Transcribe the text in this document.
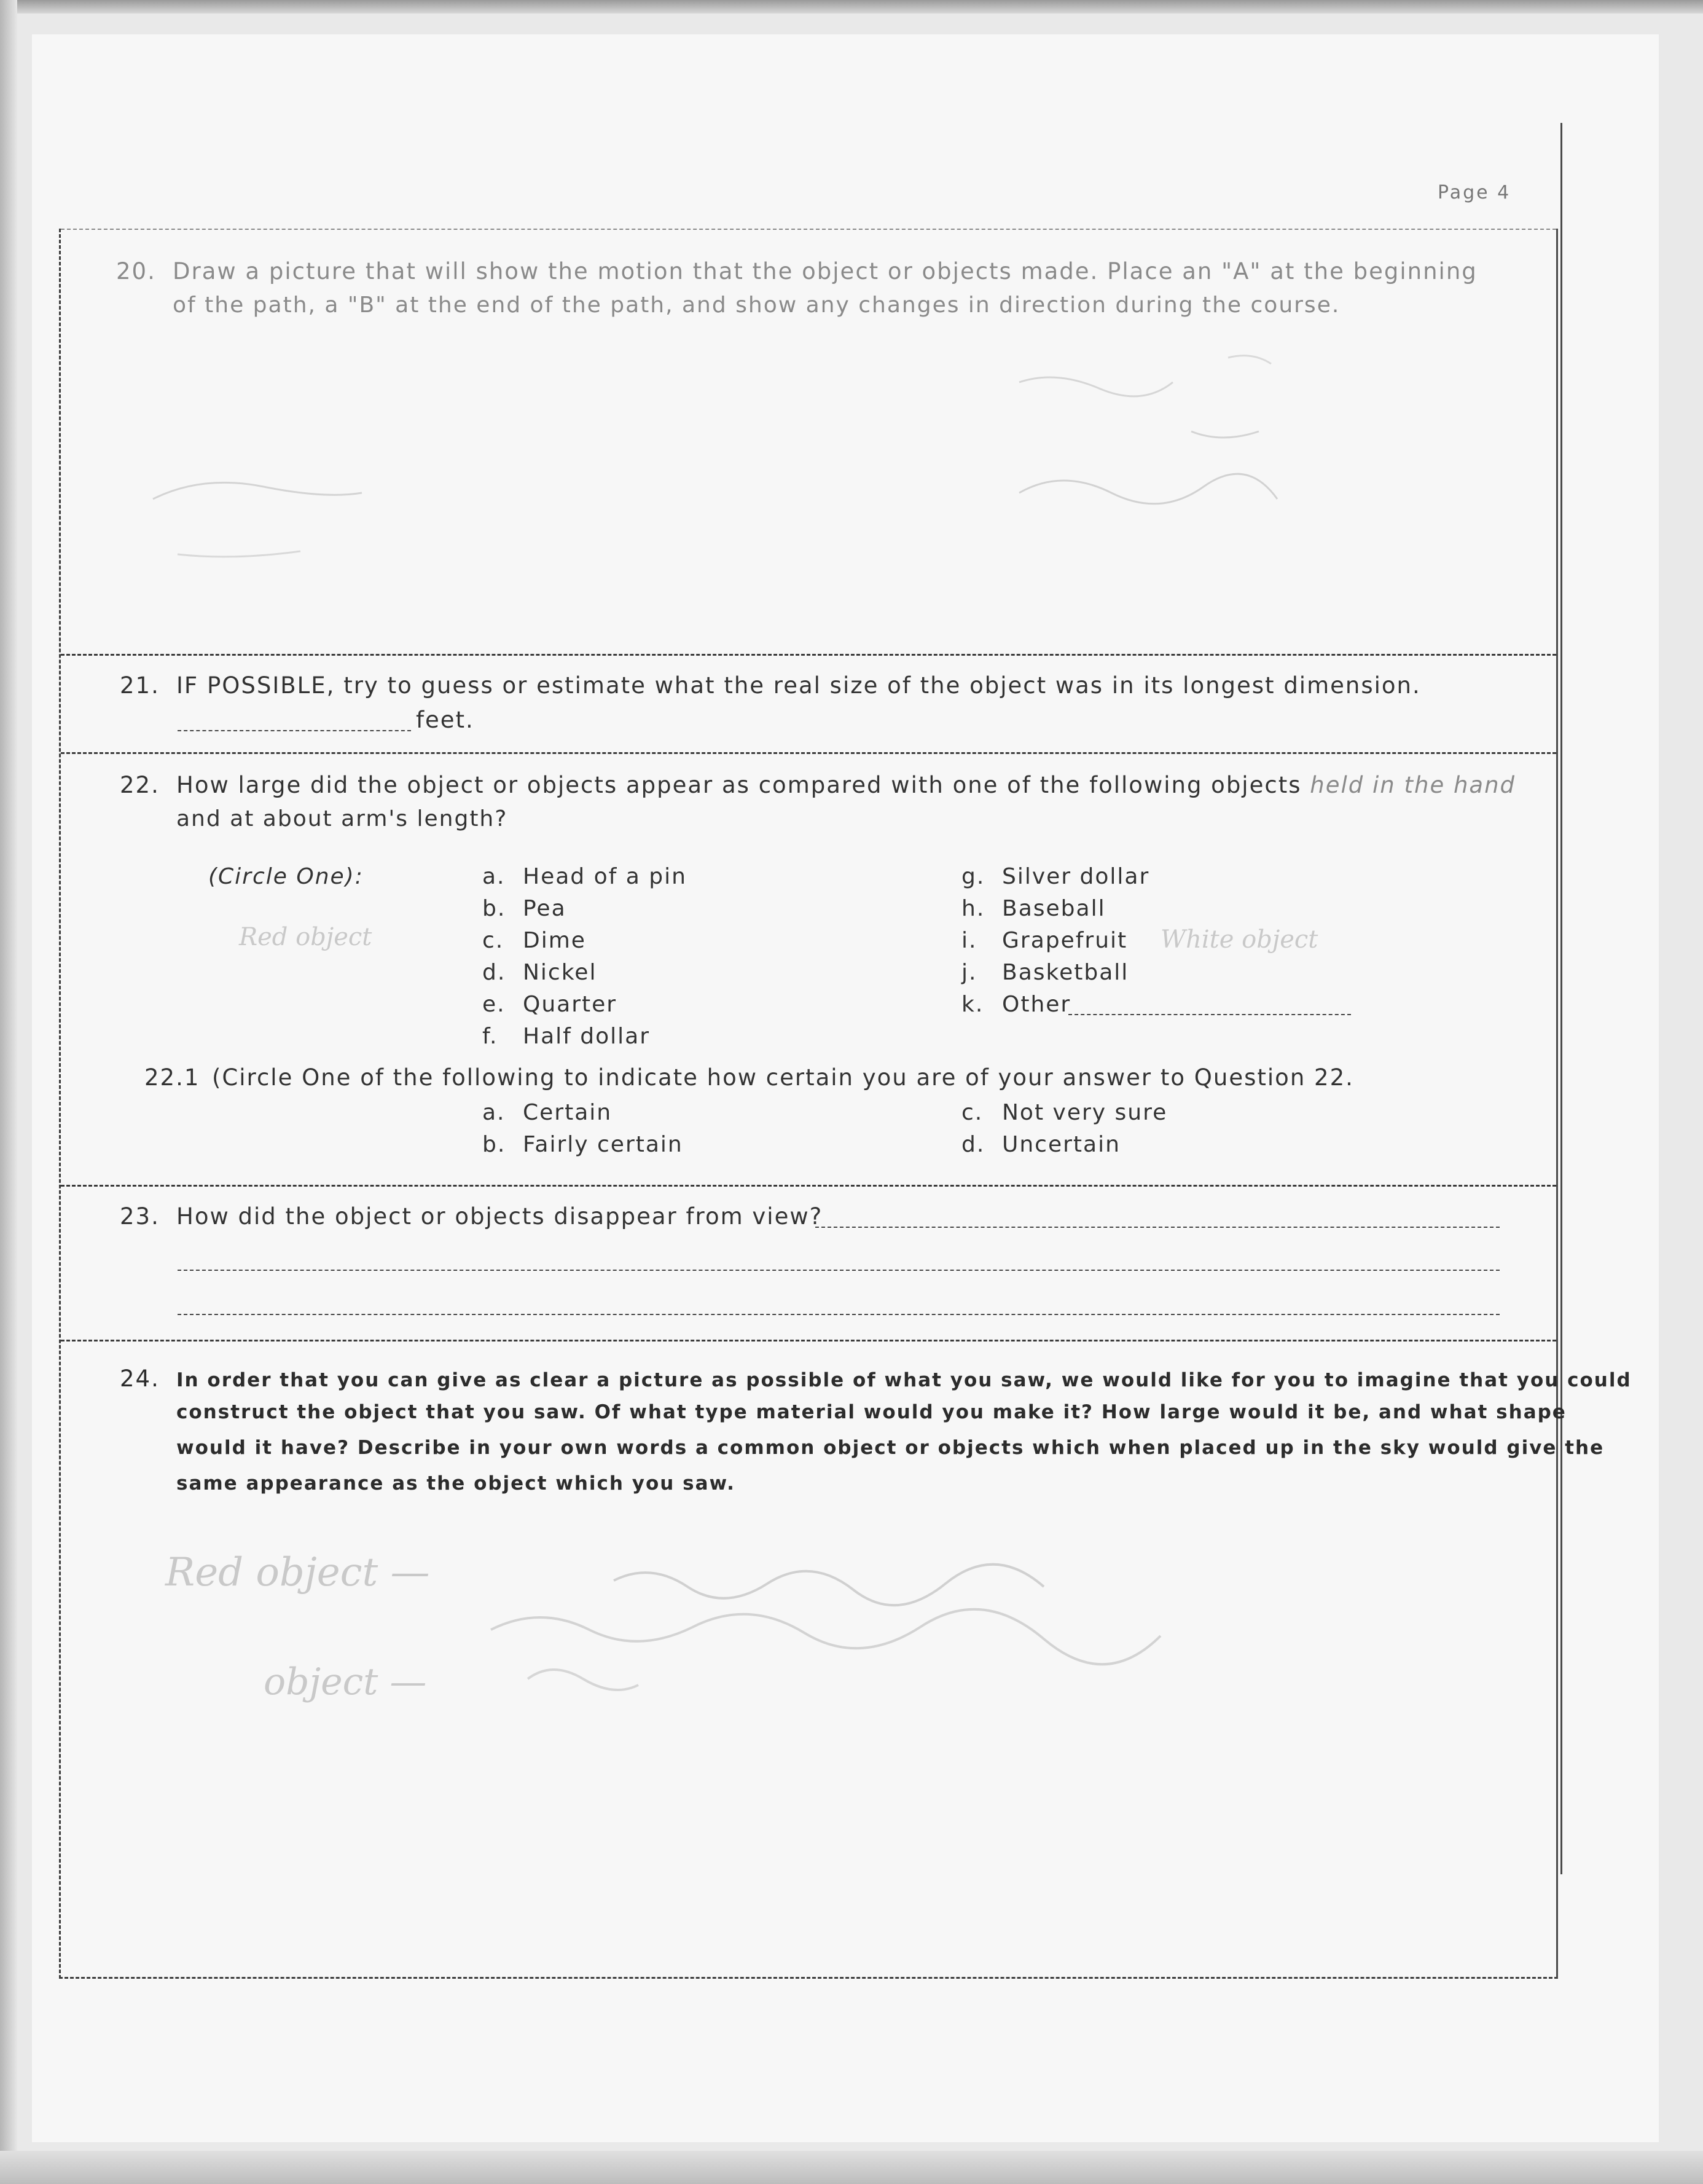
Page 4
20. Draw a picture that will show the motion that the object or objects made. Place an "A" at the beginning
of the path, a "B" at the end of the path, and show any changes in direction during the course.
21. IF POSSIBLE, try to guess or estimate what the real size of the object was in its longest dimension.
feet.
22. How large did the object or objects appear as compared with one of the following objects held in the hand
and at about arm's length?
(Circle One):	a. Head of a pin
b. Pea
c. Dime
d. Nickel
e. Quarter
f. Half dollar
g. Silver dollar
h. Baseball
i. Grapefruit
j. Basketball
k. Other
Red object	White object
22.1 (Circle One of the following to indicate how certain you are of your answer to Question 22.
a. Certain
b. Fairly certain
c. Not very sure
d. Uncertain
23. How did the object or objects disappear from view?
24. In order that you can give as clear a picture as possible of what you saw, we would like for you to imagine that you could
construct the object that you saw. Of what type material would you make it? How large would it be, and what shape
would it have? Describe in your own words a common object or objects which when placed up in the sky would give the
same appearance as the object which you saw.
Red object —
object —
